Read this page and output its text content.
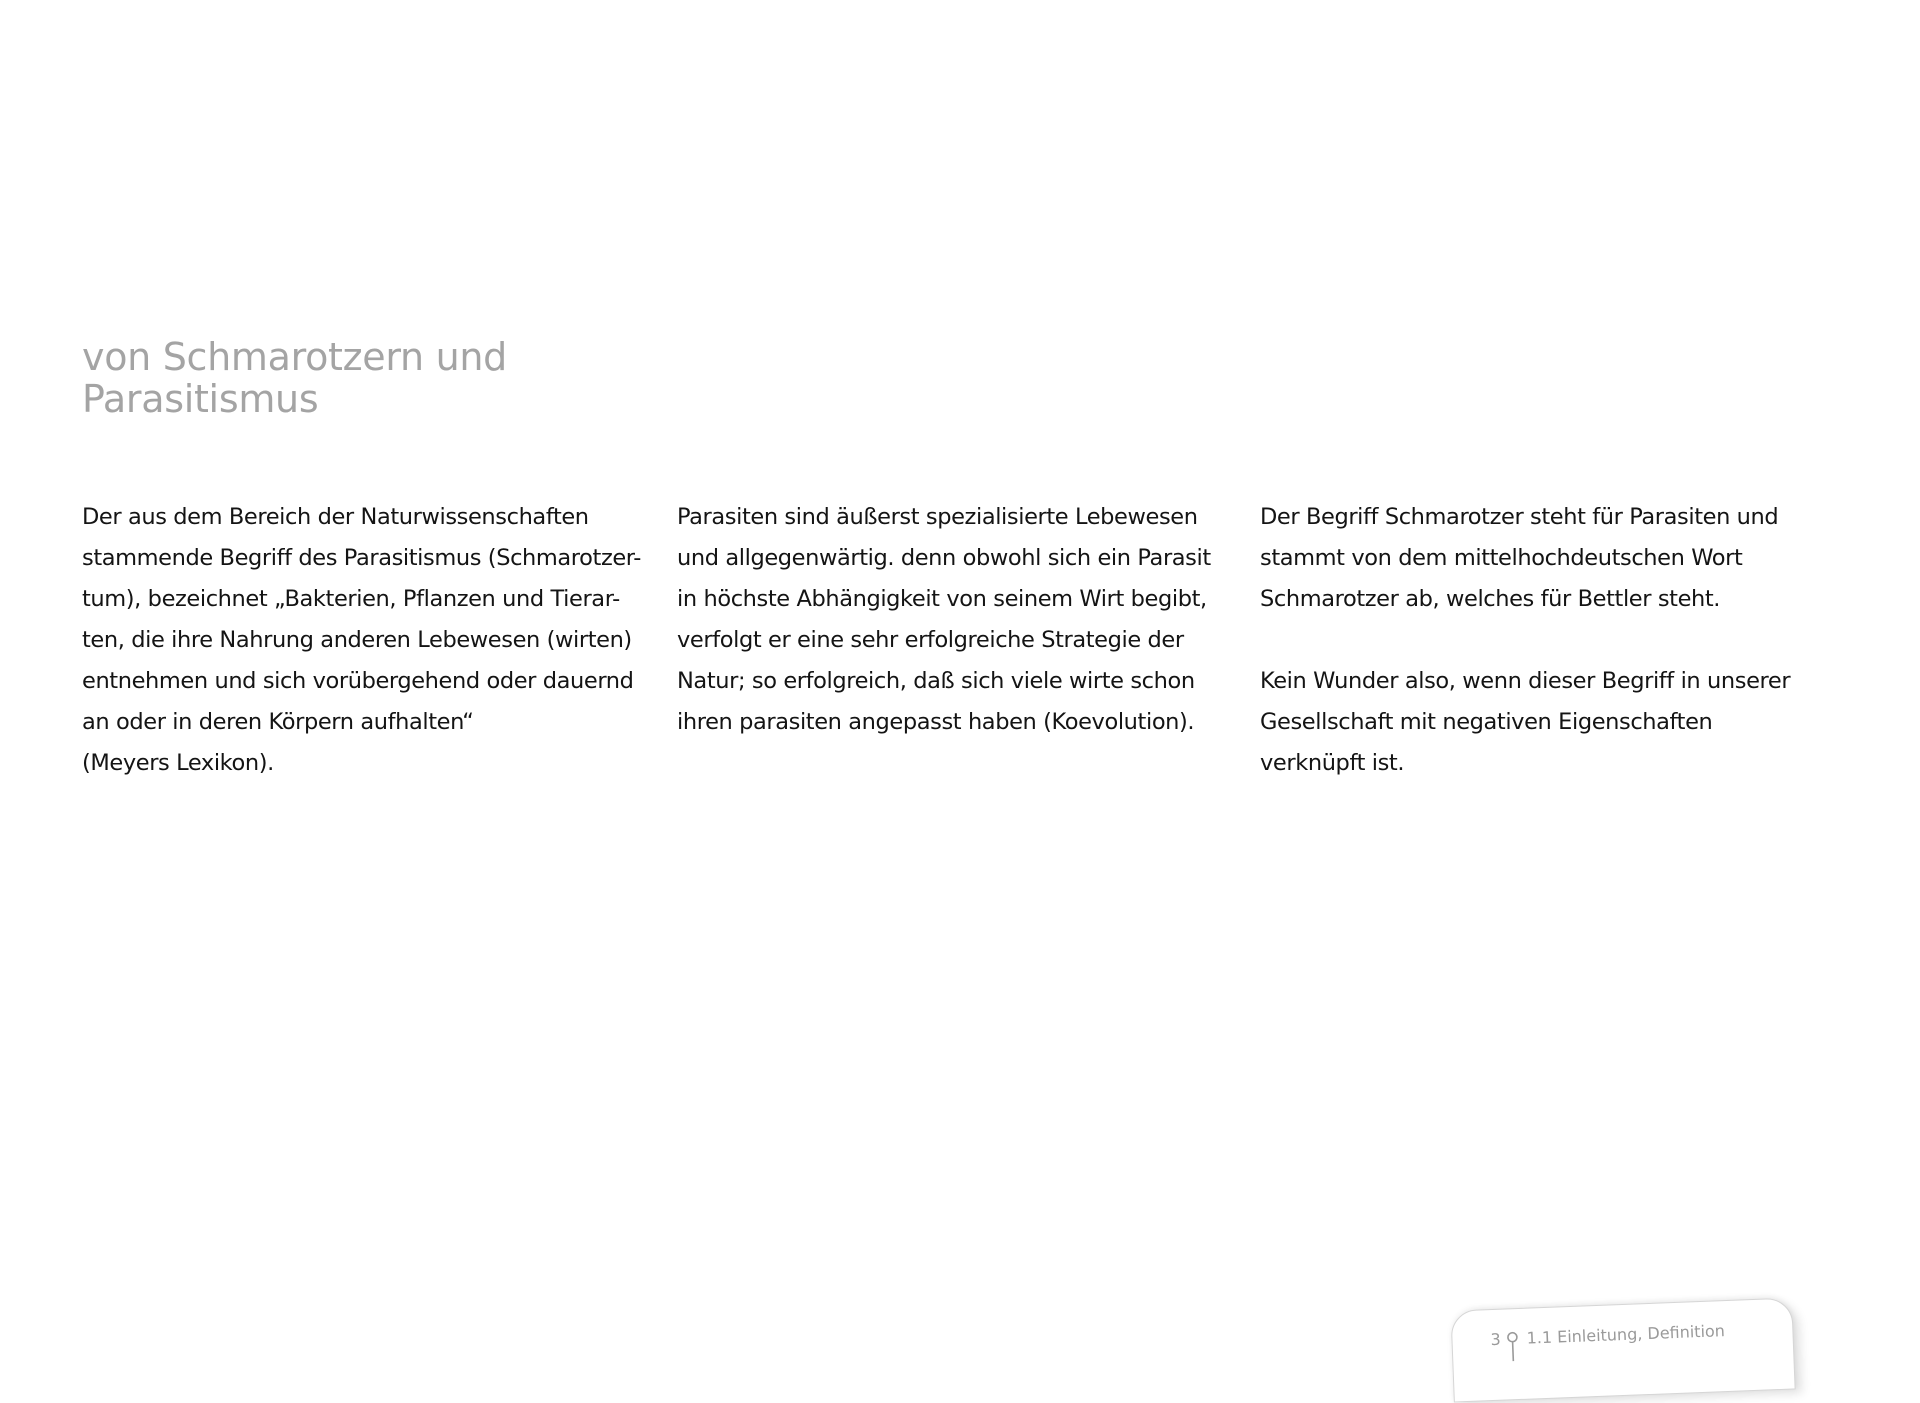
von Schmarotzern und
Parasitismus
Der aus dem Bereich der Naturwissenschaften
stammende Begriff des Parasitismus (Schmarotzer-
tum), bezeichnet „Bakterien, Pflanzen und Tierar-
ten, die ihre Nahrung anderen Lebewesen (wirten)
entnehmen und sich vorübergehend oder dauernd
an oder in deren Körpern aufhalten“
(Meyers Lexikon).
Parasiten sind äußerst spezialisierte Lebewesen
und allgegenwärtig. denn obwohl sich ein Parasit
in höchste Abhängigkeit von seinem Wirt begibt,
verfolgt er eine sehr erfolgreiche Strategie der
Natur; so erfolgreich, daß sich viele wirte schon
ihren parasiten angepasst haben (Koevolution).
Der Begriff Schmarotzer steht für Parasiten und
stammt von dem mittelhochdeutschen Wort
Schmarotzer ab, welches für Bettler steht.
Kein Wunder also, wenn dieser Begriff in unserer
Gesellschaft mit negativen Eigenschaften
verknüpft ist.
3 1.1 Einleitung, Definition
